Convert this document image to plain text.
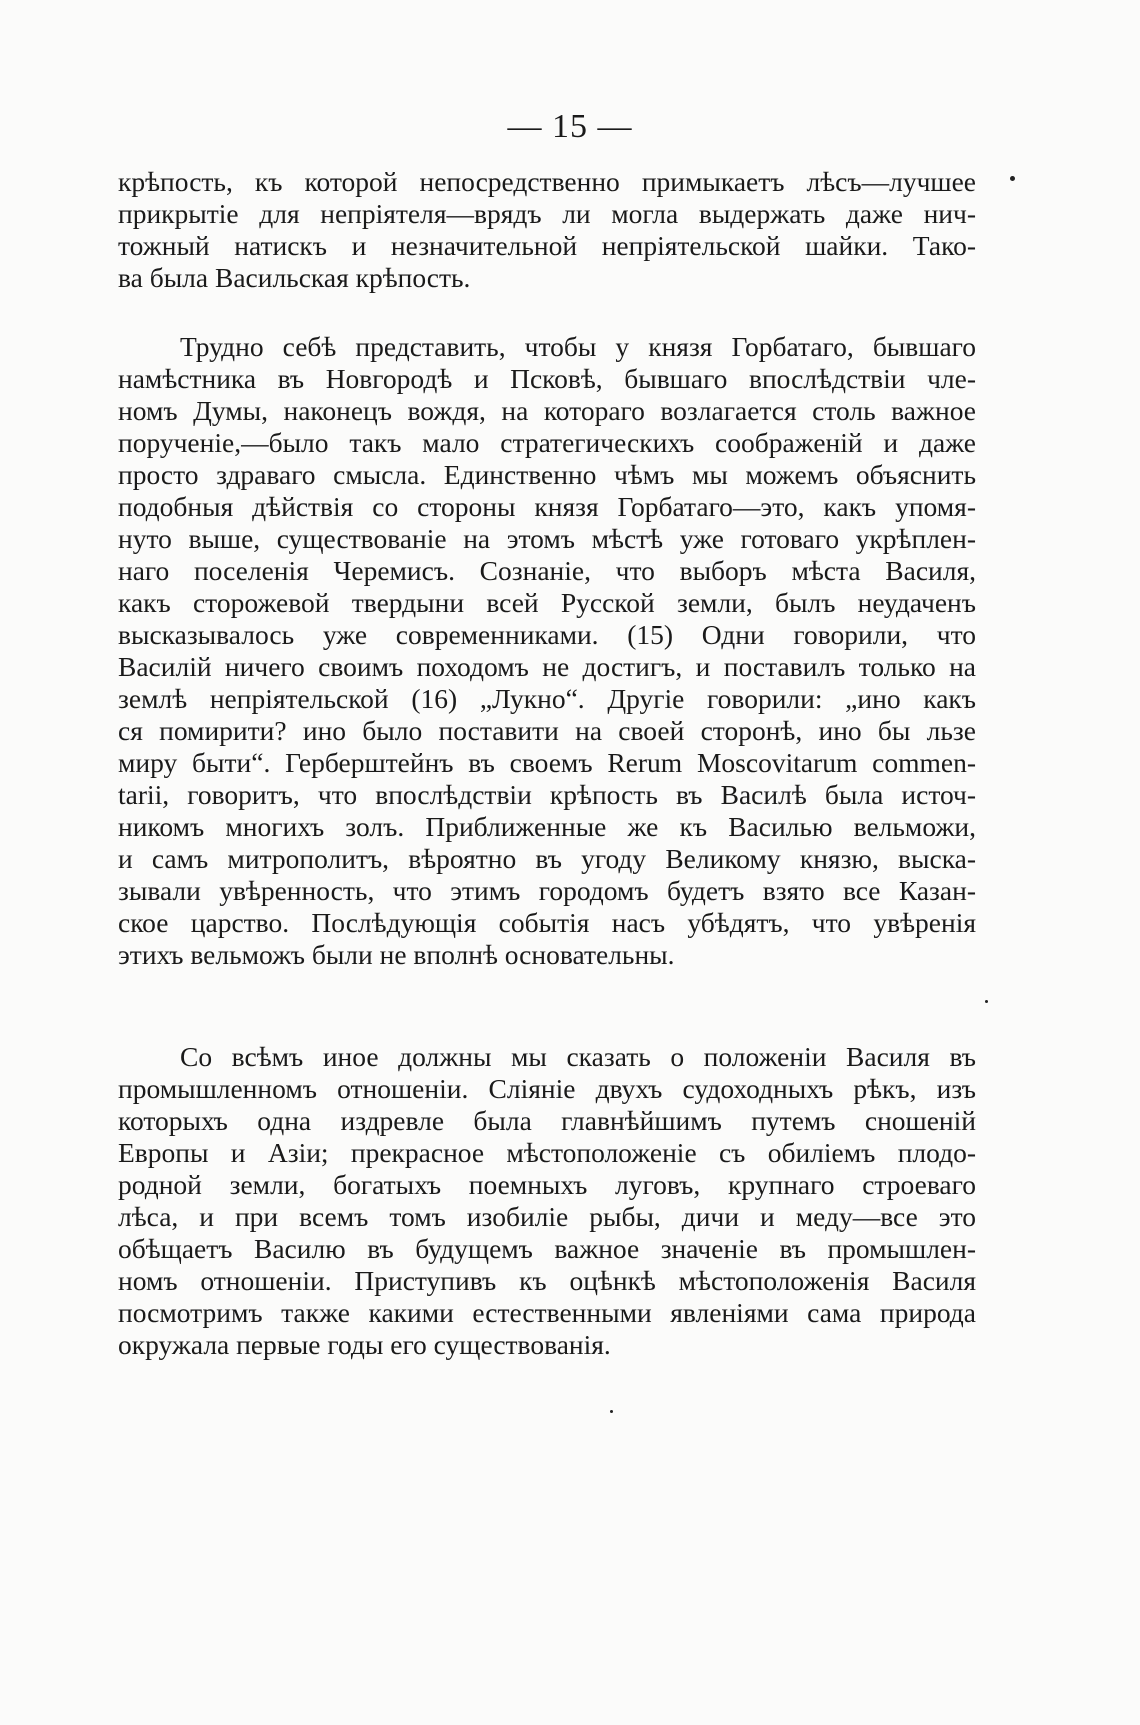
— 15 —
крѣпость, къ которой непосредственно примыкаетъ лѣсъ—лучшее
прикрытіе для непріятеля—врядъ ли могла выдержать даже нич-
тожный натискъ и незначительной непріятельской шайки. Тако-
ва была Васильская крѣпость.
Трудно себѣ представить, чтобы у князя Горбатаго, бывшаго
намѣстника въ Новгородѣ и Псковѣ, бывшаго впослѣдствіи чле-
номъ Думы, наконецъ вождя, на котораго возлагается столь важное
порученіе,—было такъ мало стратегическихъ соображеній и даже
просто здраваго смысла. Единственно чѣмъ мы можемъ объяснить
подобныя дѣйствія со стороны князя Горбатаго—это, какъ упомя-
нуто выше, существованіе на этомъ мѣстѣ уже готоваго укрѣплен-
наго поселенія Черемисъ. Сознаніе, что выборъ мѣста Василя,
какъ сторожевой твердыни всей Русской земли, былъ неудаченъ
высказывалось уже современниками. (15) Одни говорили, что
Василій ничего своимъ походомъ не достигъ, и поставилъ только на
землѣ непріятельской (16) „Лукно“. Другіе говорили: „ино какъ
ся помирити? ино было поставити на своей сторонѣ, ино бы льзе
миру быти“. Герберштейнъ въ своемъ Rerum Moscovitarum commen-
tarii, говоритъ, что впослѣдствіи крѣпость въ Василѣ была источ-
никомъ многихъ золъ. Приближенные же къ Василью вельможи,
и самъ митрополитъ, вѣроятно въ угоду Великому князю, выска-
зывали увѣренность, что этимъ городомъ будетъ взято все Казан-
ское царство. Послѣдующія событія насъ убѣдятъ, что увѣренія
этихъ вельможъ были не вполнѣ основательны.
Со всѣмъ иное должны мы сказать о положеніи Василя въ
промышленномъ отношеніи. Сліяніе двухъ судоходныхъ рѣкъ, изъ
которыхъ одна издревле была главнѣйшимъ путемъ сношеній
Европы и Азіи; прекрасное мѣстоположеніе съ обиліемъ плодо-
родной земли, богатыхъ поемныхъ луговъ, крупнаго строеваго
лѣса, и при всемъ томъ изобиліе рыбы, дичи и меду—все это
обѣщаетъ Василю въ будущемъ важное значеніе въ промышлен-
номъ отношеніи. Приступивъ къ оцѣнкѣ мѣстоположенія Василя
посмотримъ также какими естественными явленіями сама природа
окружала первые годы его существованія.
